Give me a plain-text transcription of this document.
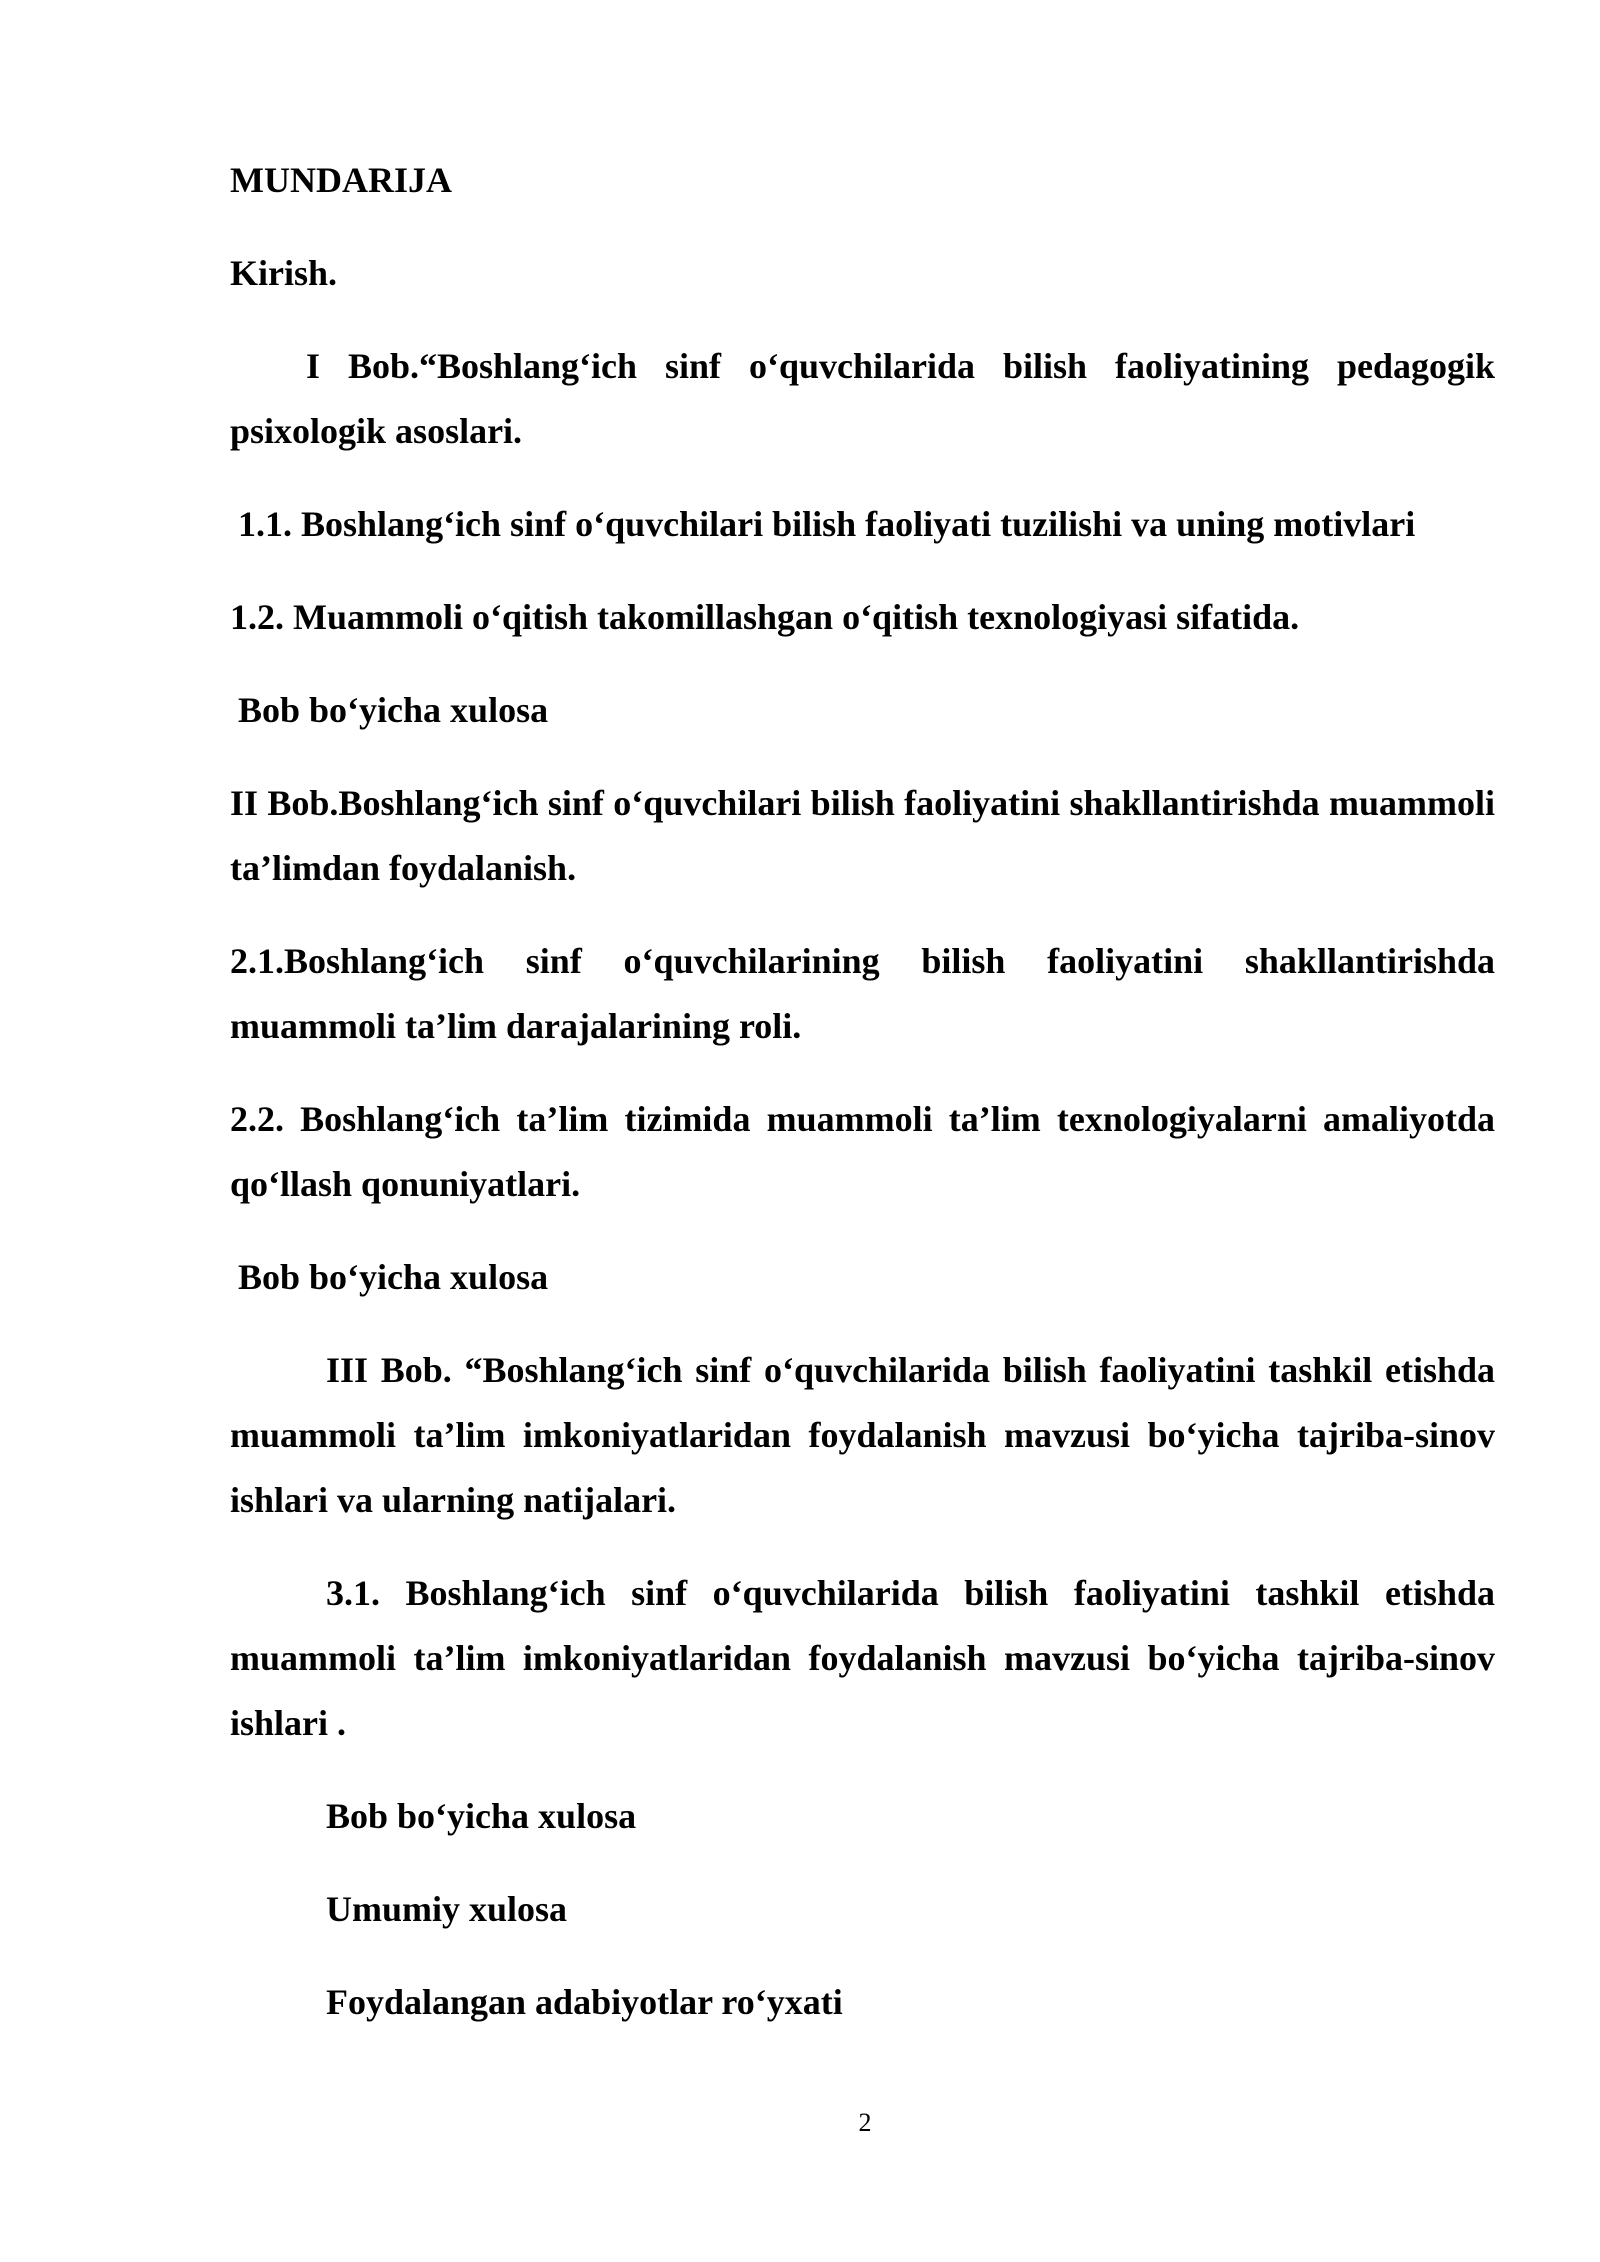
MUNDARIJA
Kirish.
I Bob.“Boshlang‘ich sinf o‘quvchilarida bilish faoliyatining pedagogik psixologik asoslari.
1.1. Boshlang‘ich sinf o‘quvchilari bilish faoliyati tuzilishi va uning motivlari
1.2. Muammoli o‘qitish takomillashgan o‘qitish texnologiyasi sifatida.
Bob bo‘yicha xulosa
II Bob.Boshlang‘ich sinf o‘quvchilari bilish faoliyatini shakllantirishda muammoli ta’limdan foydalanish.
2.1.Boshlang‘ich sinf o‘quvchilarining bilish faoliyatini shakllantirishda muammoli ta’lim darajalarining roli.
2.2. Boshlang‘ich ta’lim tizimida muammoli ta’lim texnologiyalarni amaliyotda qo‘llash qonuniyatlari.
Bob bo‘yicha xulosa
III Bob. “Boshlang‘ich sinf o‘quvchilarida bilish faoliyatini tashkil etishda muammoli ta’lim imkoniyatlaridan foydalanish mavzusi bo‘yicha tajriba-sinov ishlari va ularning natijalari.
3.1. Boshlang‘ich sinf o‘quvchilarida bilish faoliyatini tashkil etishda muammoli ta’lim imkoniyatlaridan foydalanish mavzusi bo‘yicha tajriba-sinov ishlari .
Bob bo‘yicha xulosa
Umumiy xulosa
Foydalangan adabiyotlar ro‘yxati
2
